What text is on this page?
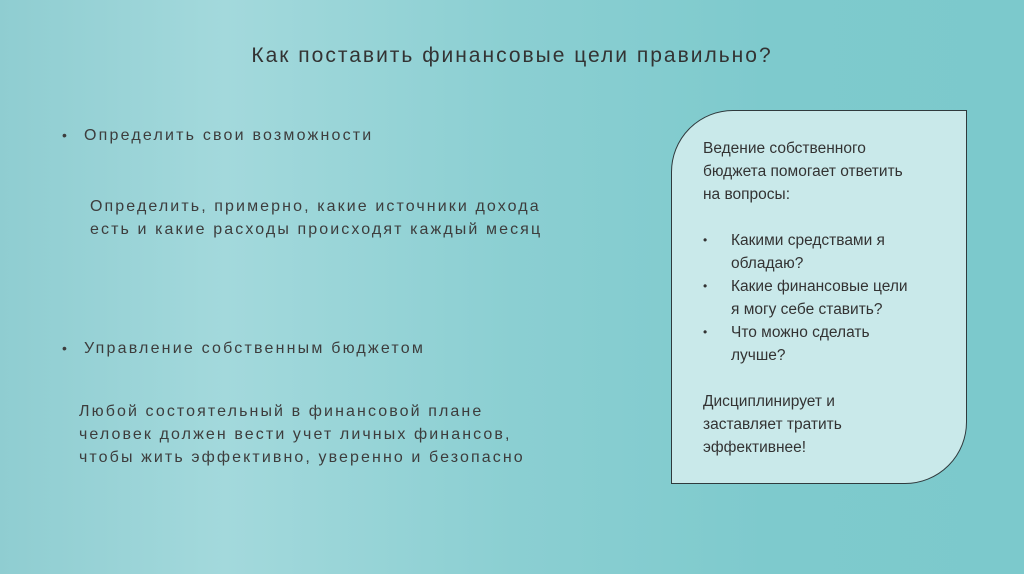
Как поставить финансовые цели правильно?
•	Определить свои возможности
Определить, примерно, какие источники дохода
есть и какие расходы происходят каждый месяц
•	Управление собственным бюджетом
Любой состоятельный в финансовой плане
человек должен вести учет личных финансов,
чтобы жить эффективно, уверенно и безопасно
Ведение собственного
бюджета помогает ответить
на вопросы:
•	Какими средствами я
обладаю?
•	Какие финансовые цели
я могу себе ставить?
•	Что можно сделать
лучше?
Дисциплинирует и
заставляет тратить
эффективнее!
